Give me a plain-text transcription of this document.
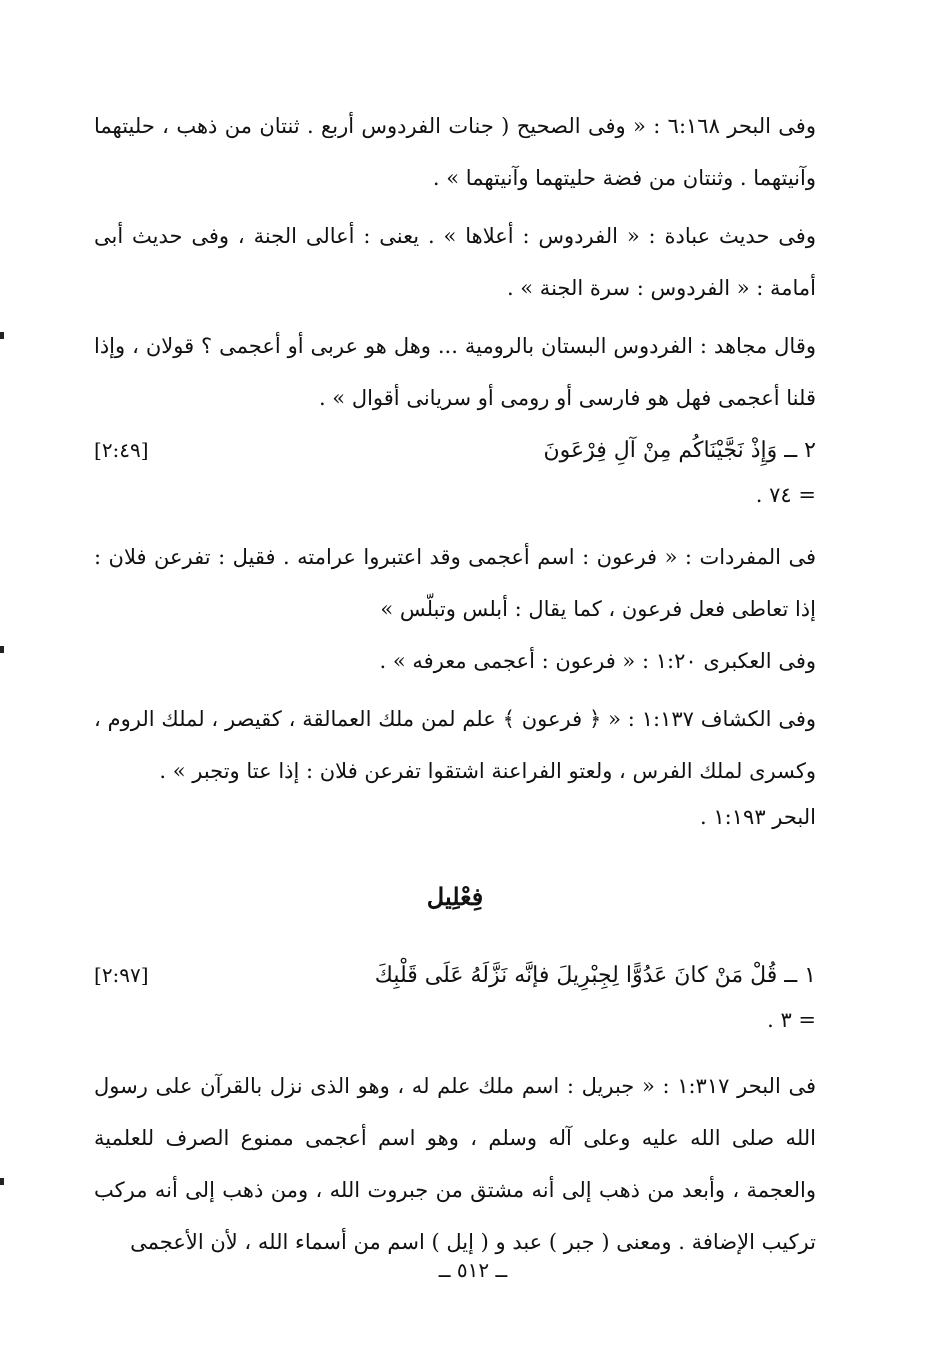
وفى البحر ٦:١٦٨ : « وفى الصحيح ( جنات الفردوس أربع . ثنتان من ذهب ، حليتهما وآنيتهما . وثنتان من فضة حليتهما وآنيتهما » .

وفى حديث عبادة : « الفردوس : أعلاها » . يعنى : أعالى الجنة ، وفى حديث أبى أمامة : « الفردوس : سرة الجنة » .

وقال مجاهد : الفردوس البستان بالرومية ... وهل هو عربى أو أعجمى ؟ قولان ، وإذا قلنا أعجمى فهل هو فارسى أو رومى أو سريانى أقوال » .

٢ ــ وَإِذْ نَجَّيْنَاكُم مِنْ آلِ فِرْعَونَ
[٢:٤٩]
= ٧٤ .

فى المفردات : « فرعون : اسم أعجمى وقد اعتبروا عرامته . فقيل : تفرعن فلان : إذا تعاطى فعل فرعون ، كما يقال : أبلس وتبلّس »

وفى العكبرى ١:٢٠ : « فرعون : أعجمى معرفه » .

وفى الكشاف ١:١٣٧ : « ﴿ فرعون ﴾ علم لمن ملك العمالقة ، كقيصر ، لملك الروم ، وكسرى لملك الفرس ، ولعتو الفراعنة اشتقوا تفرعن فلان : إذا عتا وتجبر » .

البحر ١:١٩٣ .

فِعْلِيل
١ ــ قُلْ مَنْ كانَ عَدُوًّا لِجِبْرِيلَ فإنَّه نَزَّلَهُ عَلَى قَلْبِكَ
[٢:٩٧]
= ٣ .

فى البحر ١:٣١٧ : « جبريل : اسم ملك علم له ، وهو الذى نزل بالقرآن على رسول الله صلى الله عليه وعلى آله وسلم ، وهو اسم أعجمى ممنوع الصرف للعلمية والعجمة ، وأبعد من ذهب إلى أنه مشتق من جبروت الله ، ومن ذهب إلى أنه مركب تركيب الإضافة . ومعنى ( جبر ) عبد و ( إيل ) اسم من أسماء الله ، لأن الأعجمى

ــ ٥١٢ ــ
